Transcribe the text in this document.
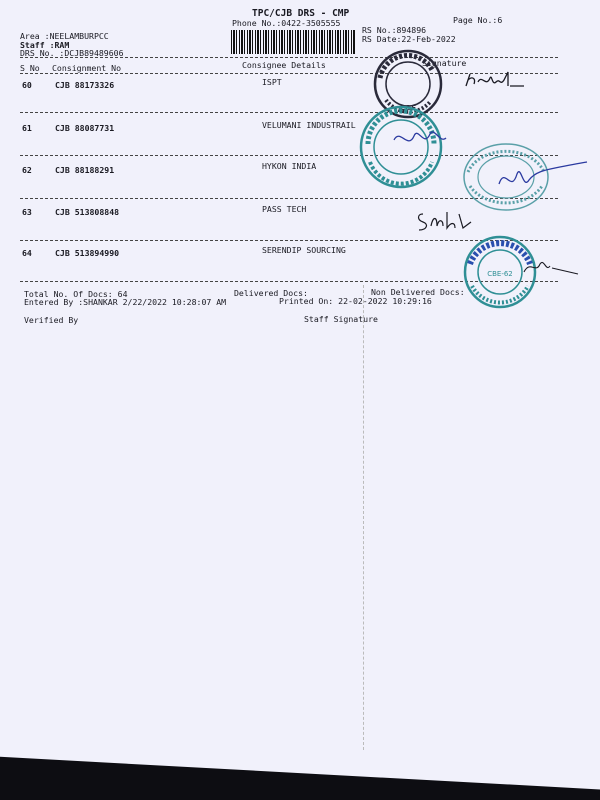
TPC/CJB DRS - CMP
Phone No.:0422-3505555	Page No.:6
Area :NEELAMBURPCC
Staff :RAM
DRS No. :DCJB89489606
RS No.:894896
RS Date:22-Feb-2022
S No Consignment No	Consignee Details	Signature
60	CJB 88173326	ISPT
61	CJB 88087731	VELUMANI INDUSTRAIL
62	CJB 88188291	HYKON INDIA
63	CJB 513808848	PASS TECH
64	CJB 513894990	SERENDIP SOURCING
Total No. Of Docs: 64	Delivered Docs:	Non Delivered Docs:
Entered By :SHANKAR 2/22/2022 10:28:07 AM	Printed On: 22-02-2022 10:29:16
Verified By	Staff Signature
C&E
CBE-62
